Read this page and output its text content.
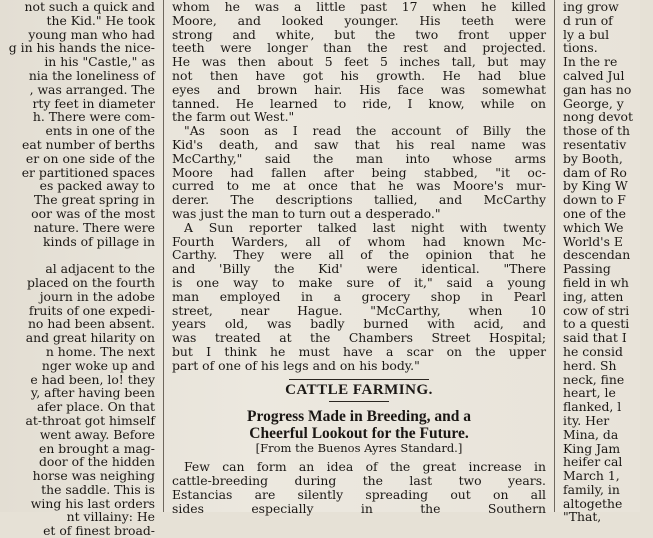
not such a quick and
the Kid." He took
young man who had
g in his hands the nice-
in his "Castle," as
nia the loneliness of
, was arranged. The
rty feet in diameter
h. There were com-
ents in one of the
eat number of berths
er on one side of the
er partitioned spaces
es packed away to
The great spring in
oor was of the most
nature. There were
kinds of pillage in

al adjacent to the
placed on the fourth
journ in the adobe
fruits of one expedi-
no had been absent.
and great hilarity on
n home. The next
nger woke up and
e had been, lo! they
y, after having been
afer place. On that
at-throat got himself
went away. Before
en brought a mag-
door of the hidden
horse was neighing
the saddle. This is
wing his last orders
nt villainy: He
et of finest broad-
whom he was a little past 17 when he killed
Moore, and looked younger. His teeth were
strong and white, but the two front upper
teeth were longer than the rest and projected.
He was then about 5 feet 5 inches tall, but may
not then have got his growth. He had blue
eyes and brown hair. His face was somewhat
tanned. He learned to ride, I know, while on
the farm out West."
"As soon as I read the account of Billy the
Kid's death, and saw that his real name was
McCarthy," said the man into whose arms
Moore had fallen after being stabbed, "it oc-
curred to me at once that he was Moore's mur-
derer. The descriptions tallied, and McCarthy
was just the man to turn out a desperado."
A Sun reporter talked last night with twenty
Fourth Warders, all of whom had known Mc-
Carthy. They were all of the opinion that he
and 'Billy the Kid' were identical. "There
is one way to make sure of it," said a young
man employed in a grocery shop in Pearl
street, near Hague. "McCarthy, when 10
years old, was badly burned with acid, and
was treated at the Chambers Street Hospital;
but I think he must have a scar on the upper
part of one of his legs and on his body."
CATTLE FARMING.
Progress Made in Breeding, and a
Cheerful Lookout for the Future.
[From the Buenos Ayres Standard.]
Few can form an idea of the great increase in
cattle-breeding during the last two years.
Estancias are silently spreading out on all
sides especially in the Southern
ing grow
d run of
ly a bul
tions.
In the re
calved Jul
gan has no
George, y
nong devot
those of th
resentativ
by Booth,
dam of Ro
by King W
down to F
one of the
which We
World's E
descendan
Passing
field in wh
ing, atten
cow of stri
to a questi
said that I
he consid
herd. Sh
neck, fine
heart, le
flanked, l
ity. Her
Mina, da
King Jam
heifer cal
March 1,
family, in
altogethe
"That,
